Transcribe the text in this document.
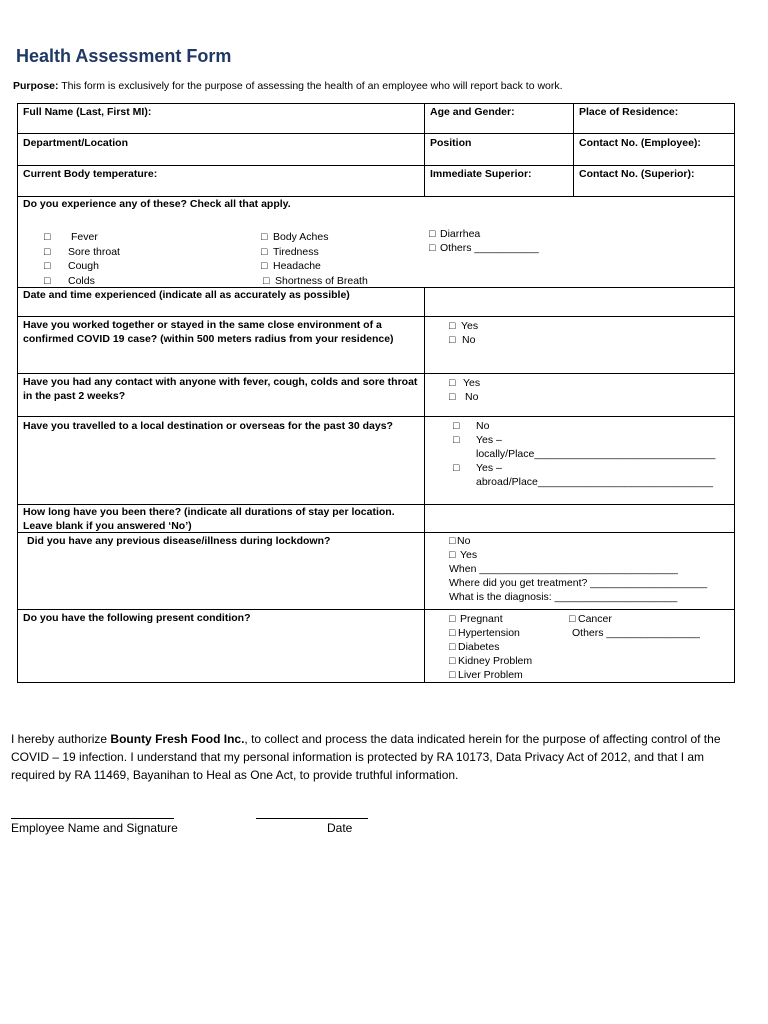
Health Assessment Form
Purpose: This form is exclusively for the purpose of assessing the health of an employee who will report back to work.
Full Name (Last, First MI):	Age and Gender:	Place of Residence:
Department/Location	Position	Contact No. (Employee):
Current Body temperature:	Immediate Superior:	Contact No. (Superior):
Do you experience any of these? Check all that apply.
□ Fever
□ Sore throat
□ Cough
□ Colds
□ Body Aches
□ Tiredness
□ Headache
□ Shortness of Breath
□ Diarrhea
□ Others ___________
Date and time experienced (indicate all as accurately as possible)
Have you worked together or stayed in the same close environment of a confirmed COVID 19 case? (within 500 meters radius from your residence)
□ Yes
□ No
Have you had any contact with anyone with fever, cough, colds and sore throat in the past 2 weeks?
□ Yes
□ No
Have you travelled to a local destination or overseas for the past 30 days?	□ No
□ Yes –
locally/Place_______________________________
□ Yes –
abroad/Place______________________________
How long have you been there? (indicate all durations of stay per location. Leave blank if you answered ‘No’)
Did you have any previous disease/illness during lockdown?	□ No
□ Yes
When __________________________________
Where did you get treatment? ____________________
What is the diagnosis: _____________________
Do you have the following present condition?	□ Pregnant
□ Hypertension
□ Diabetes
□ Kidney Problem
□ Liver Problem
□ Cancer
Others ________________
I hereby authorize Bounty Fresh Food Inc., to collect and process the data indicated herein for the purpose of affecting control of the COVID – 19 infection. I understand that my personal information is protected by RA 10173, Data Privacy Act of 2012, and that I am required by RA 11469, Bayanihan to Heal as One Act, to provide truthful information.
Employee Name and Signature	Date
